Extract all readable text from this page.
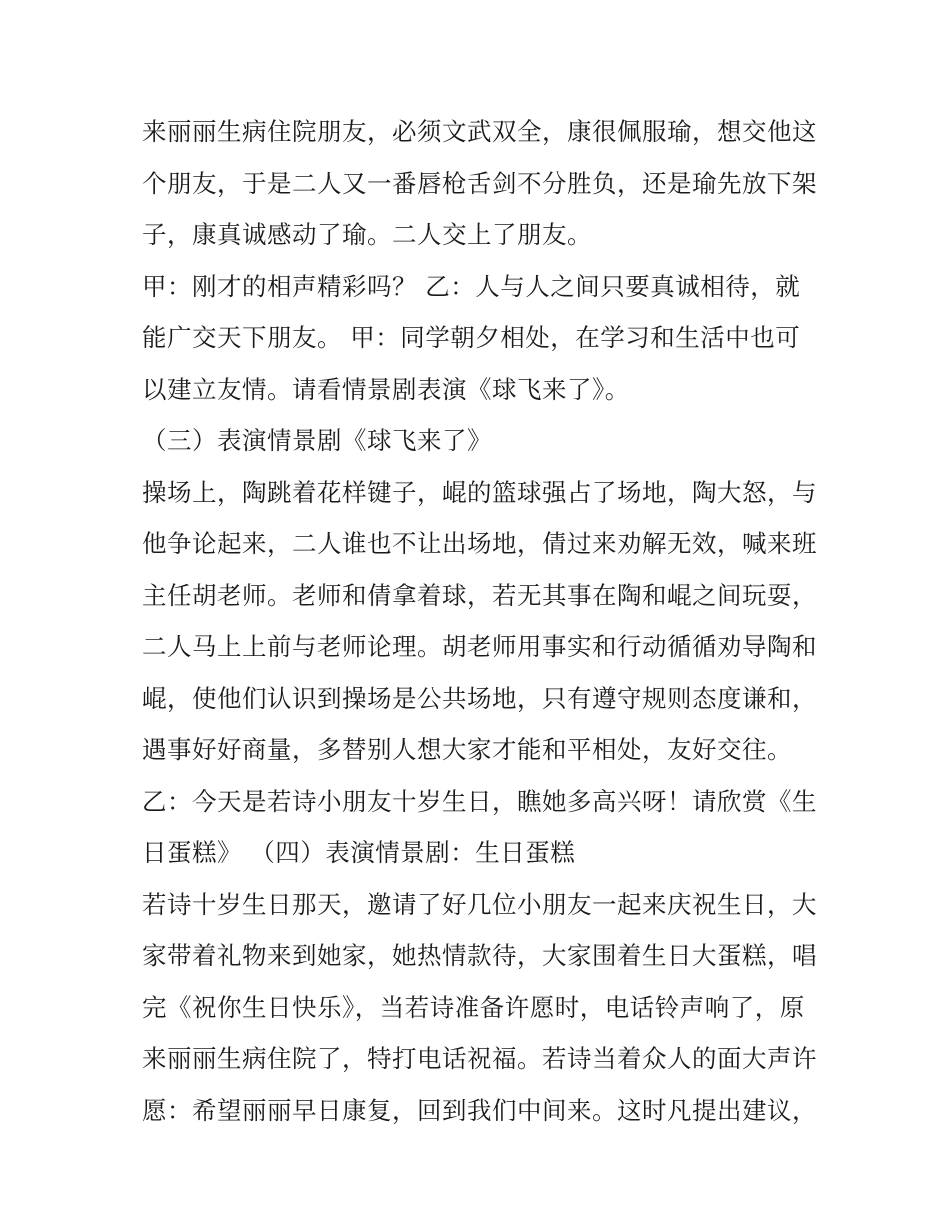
来丽丽生病住院朋友，必须文武双全，康很佩服瑜，想交他这
个朋友，于是二人又一番唇枪舌剑不分胜负，还是瑜先放下架
子，康真诚感动了瑜。二人交上了朋友。
甲：刚才的相声精彩吗？ 乙：人与人之间只要真诚相待，就
能广交天下朋友。 甲：同学朝夕相处，在学习和生活中也可
以建立友情。请看情景剧表演《球飞来了》。
（三）表演情景剧《球飞来了》
操场上，陶跳着花样键子，崐的篮球强占了场地，陶大怒，与
他争论起来，二人谁也不让出场地，倩过来劝解无效，喊来班
主任胡老师。老师和倩拿着球，若无其事在陶和崐之间玩耍，
二人马上上前与老师论理。胡老师用事实和行动循循劝导陶和
崐，使他们认识到操场是公共场地，只有遵守规则态度谦和，
遇事好好商量，多替别人想大家才能和平相处，友好交往。
乙：今天是若诗小朋友十岁生日，瞧她多高兴呀！请欣赏《生
日蛋糕》 （四）表演情景剧：生日蛋糕
若诗十岁生日那天，邀请了好几位小朋友一起来庆祝生日，大
家带着礼物来到她家，她热情款待，大家围着生日大蛋糕，唱
完《祝你生日快乐》，当若诗准备许愿时，电话铃声响了，原
来丽丽生病住院了，特打电话祝福。若诗当着众人的面大声许
愿：希望丽丽早日康复，回到我们中间来。这时凡提出建议，
